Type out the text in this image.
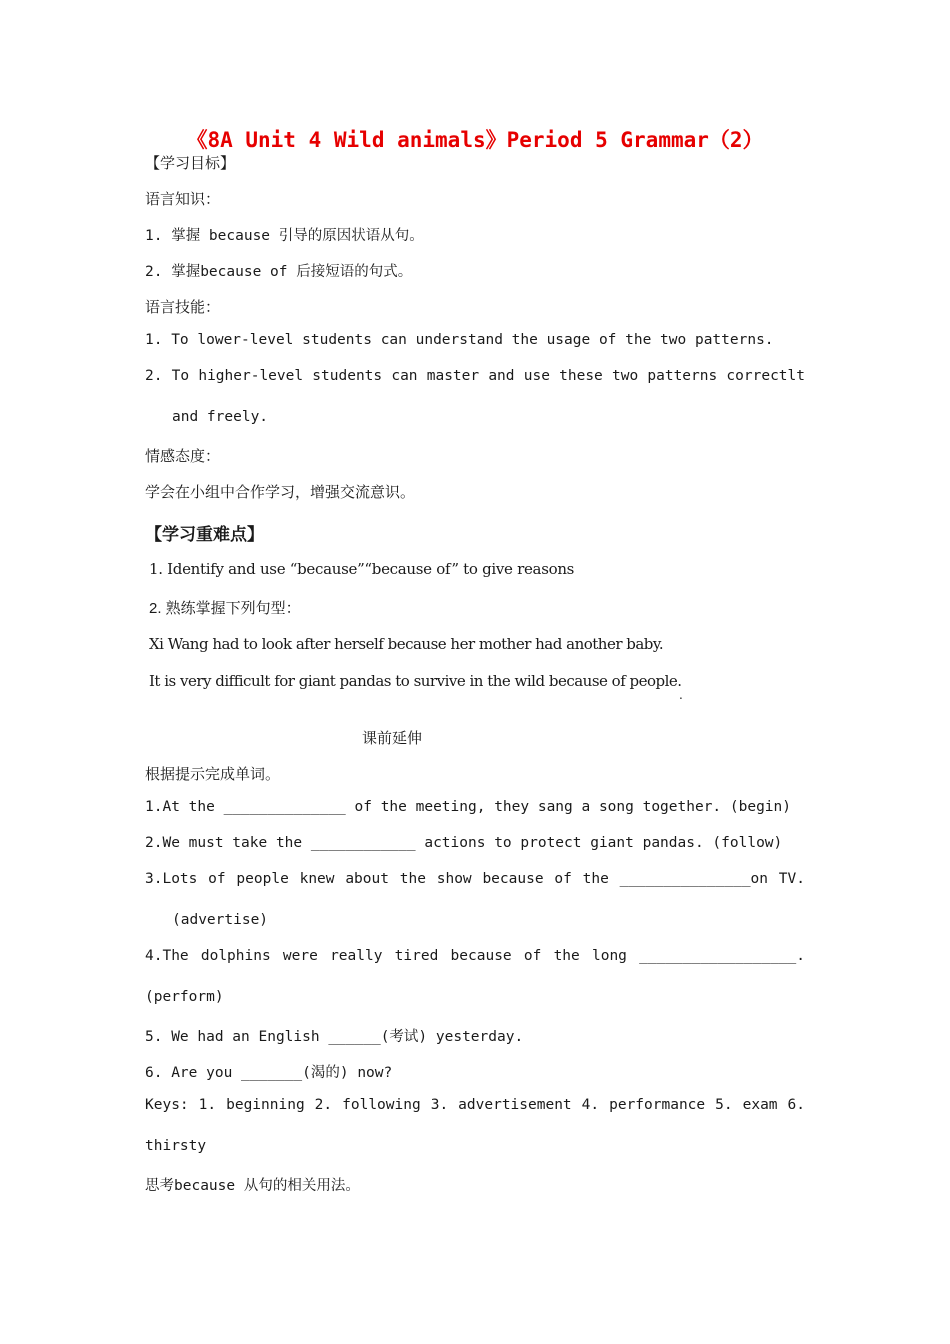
《8A Unit 4 Wild animals》Period 5 Grammar（2）
【学习目标】
语言知识：
1. 掌握 because 引导的原因状语从句。
2. 掌握because of 后接短语的句式。
语言技能：
1. To lower-level students can understand the usage of the two patterns.
2. To higher-level students can master and use these two patterns correctlt
and freely.
情感态度：
学会在小组中合作学习，增强交流意识。
【学习重难点】
1. Identify and use “because”“because of” to give reasons
2. 熟练掌握下列句型：
Xi Wang had to look after herself because her mother had another baby.
It is very difficult for giant pandas to survive in the wild because of people.
.
课前延伸
根据提示完成单词。
1.At the ______________ of the meeting, they sang a song together. (begin)
2.We must take the ____________ actions to protect giant pandas. (follow)
3.Lots of people knew about the show because of the _______________on TV.
(advertise)
4.The dolphins were really tired because of the long __________________.
(perform)
5. We had an English ______(考试) yesterday.
6. Are you _______(渴的) now?
Keys: 1. beginning 2. following 3. advertisement 4. performance 5. exam 6.
thirsty
思考because 从句的相关用法。
